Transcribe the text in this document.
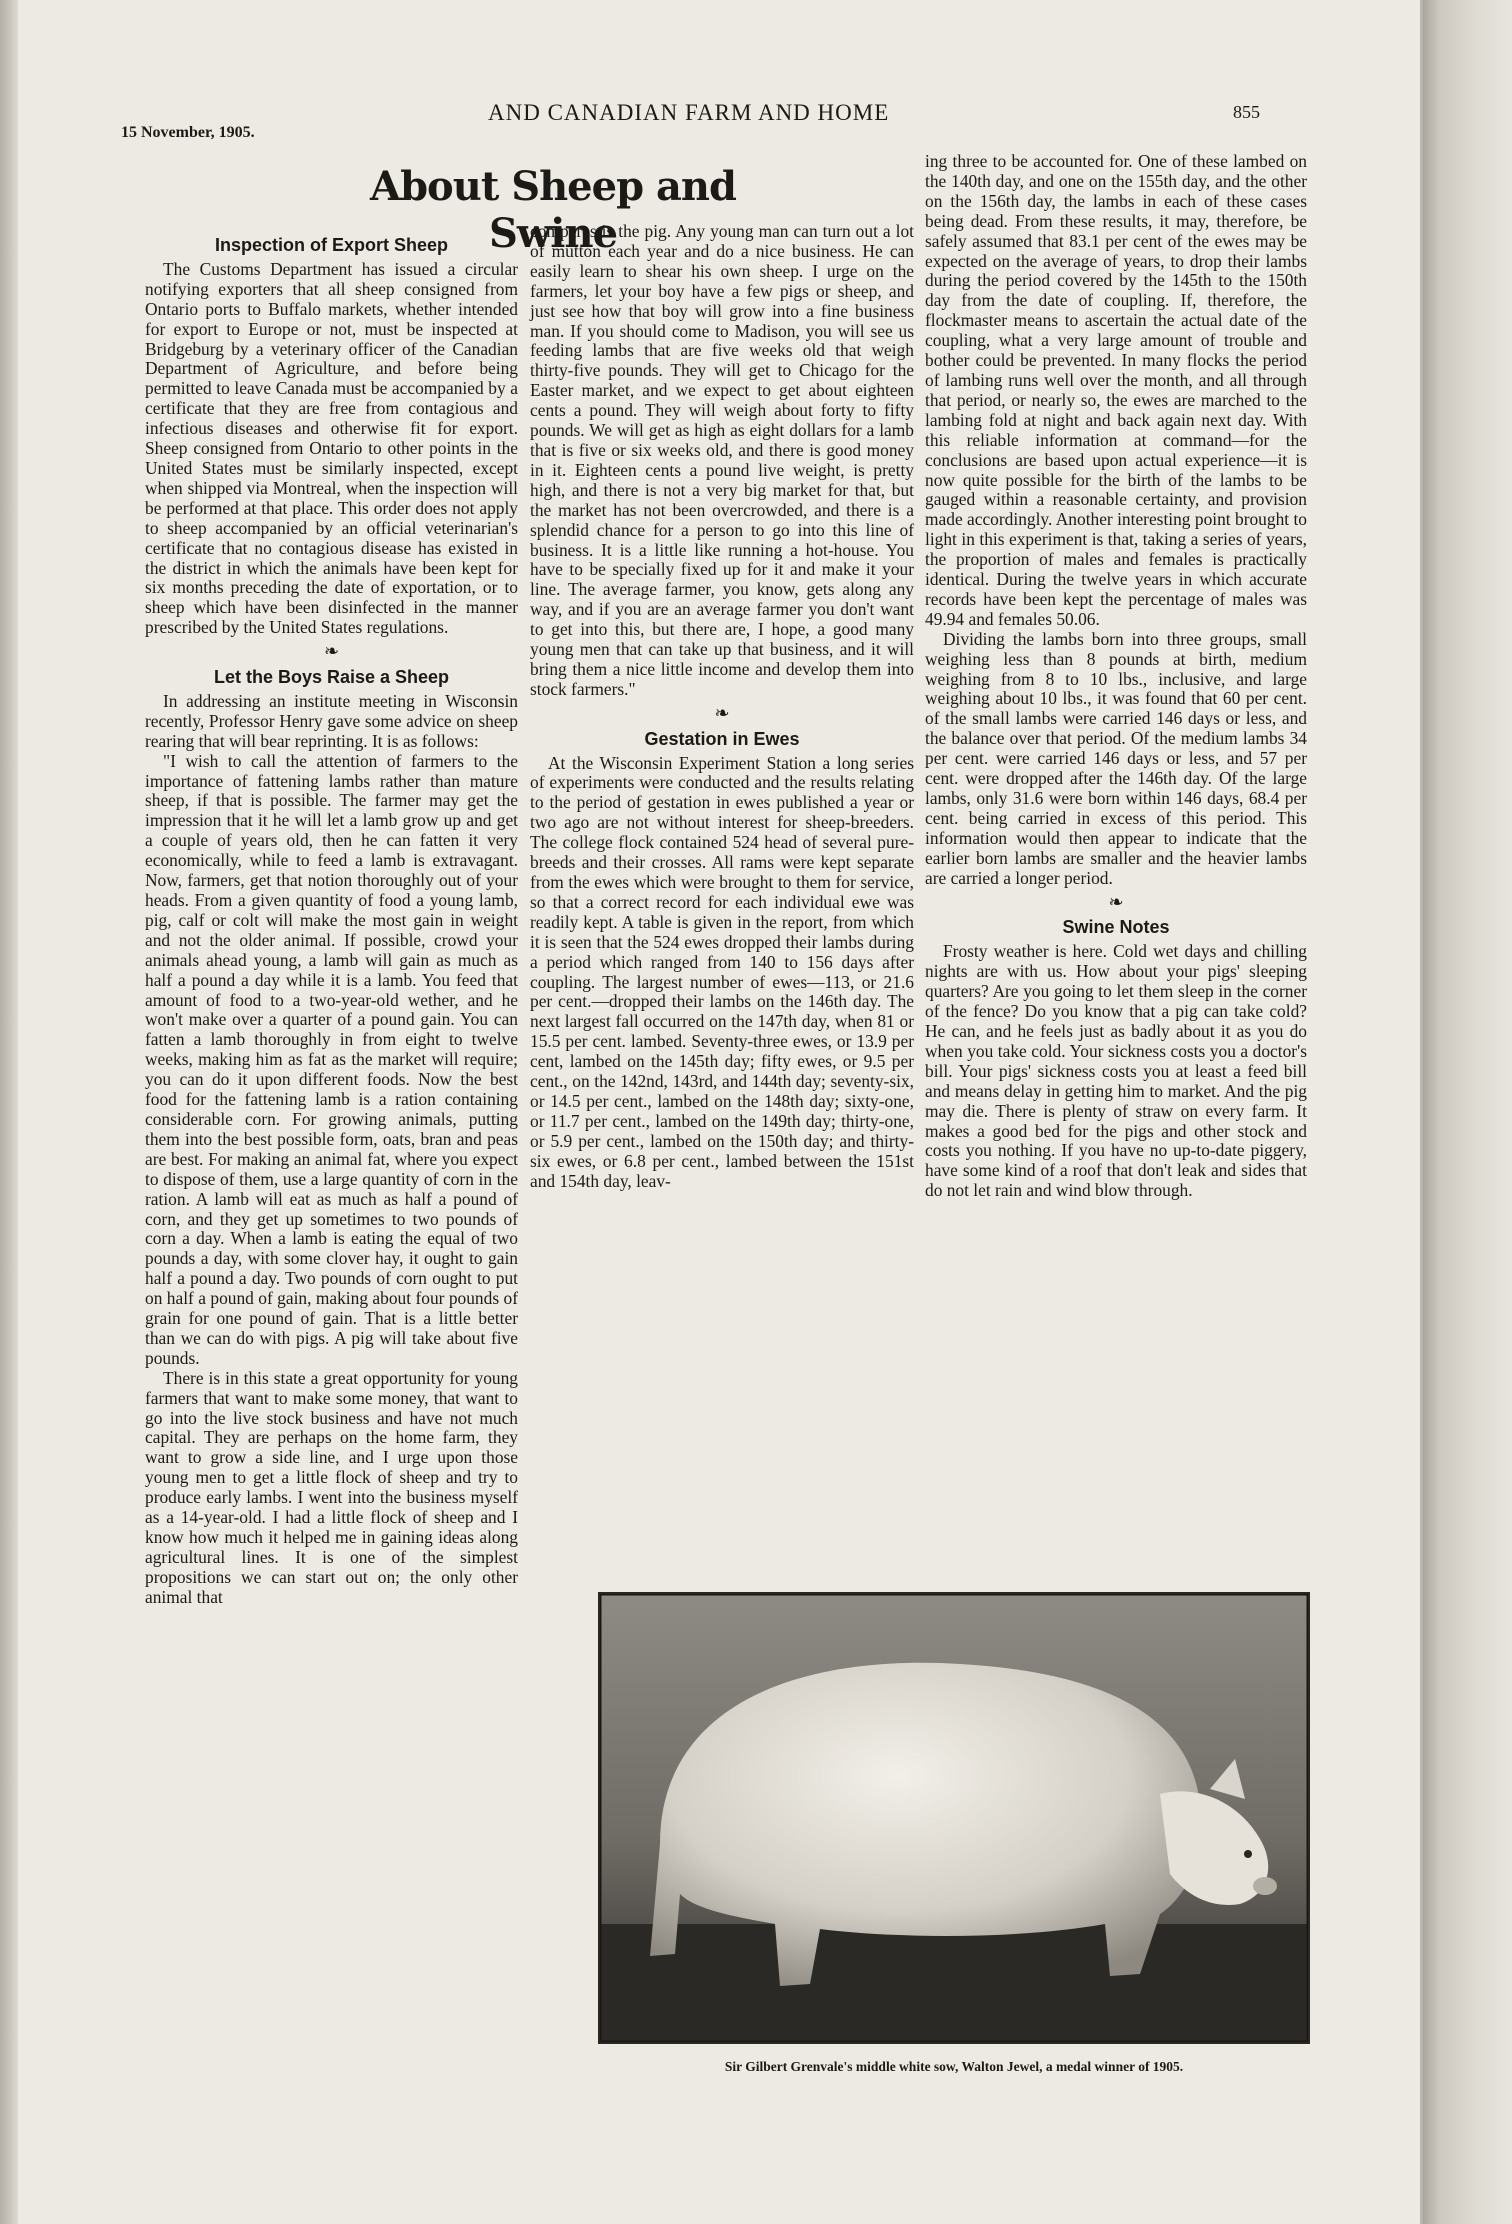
15 November, 1905.
AND CANADIAN FARM AND HOME	855
About Sheep and Swine
Inspection of Export Sheep

The Customs Department has issued a circular notifying exporters that all sheep consigned from Ontario ports to Buffalo markets, whether intended for export to Europe or not, must be inspected at Bridgeburg by a veterinary officer of the Canadian Department of Agriculture, and before being permitted to leave Canada must be accompanied by a certificate that they are free from contagious and infectious diseases and otherwise fit for export. Sheep consigned from Ontario to other points in the United States must be similarly inspected, except when shipped via Montreal, when the inspection will be performed at that place. This order does not apply to sheep accompanied by an official veterinarian's certificate that no contagious disease has existed in the district in which the animals have been kept for six months preceding the date of exportation, or to sheep which have been disinfected in the manner prescribed by the United States regulations.

❧
Let the Boys Raise a Sheep

In addressing an institute meeting in Wisconsin recently, Professor Henry gave some advice on sheep rearing that will bear reprinting. It is as follows:

"I wish to call the attention of farmers to the importance of fattening lambs rather than mature sheep, if that is possible. The farmer may get the impression that it he will let a lamb grow up and get a couple of years old, then he can fatten it very economically, while to feed a lamb is extravagant. Now, farmers, get that notion thoroughly out of your heads. From a given quantity of food a young lamb, pig, calf or colt will make the most gain in weight and not the older animal. If possible, crowd your animals ahead young, a lamb will gain as much as half a pound a day while it is a lamb. You feed that amount of food to a two-year-old wether, and he won't make over a quarter of a pound gain. You can fatten a lamb thoroughly in from eight to twelve weeks, making him as fat as the market will require; you can do it upon different foods. Now the best food for the fattening lamb is a ration containing considerable corn. For growing animals, putting them into the best possible form, oats, bran and peas are best. For making an animal fat, where you expect to dispose of them, use a large quantity of corn in the ration. A lamb will eat as much as half a pound of corn, and they get up sometimes to two pounds of corn a day. When a lamb is eating the equal of two pounds a day, with some clover hay, it ought to gain half a pound a day. Two pounds of corn ought to put on half a pound of gain, making about four pounds of grain for one pound of gain. That is a little better than we can do with pigs. A pig will take about five pounds.

There is in this state a great opportunity for young farmers that want to make some money, that want to go into the live stock business and have not much capital. They are perhaps on the home farm, they want to grow a side line, and I urge upon those young men to get a little flock of sheep and try to produce early lambs. I went into the business myself as a 14-year-old. I had a little flock of sheep and I know how much it helped me in gaining ideas along agricultural lines. It is one of the simplest propositions we can start out on; the only other animal that

compares is the pig. Any young man can turn out a lot of mutton each year and do a nice business. He can easily learn to shear his own sheep. I urge on the farmers, let your boy have a few pigs or sheep, and just see how that boy will grow into a fine business man. If you should come to Madison, you will see us feeding lambs that are five weeks old that weigh thirty-five pounds. They will get to Chicago for the Easter market, and we expect to get about eighteen cents a pound. They will weigh about forty to fifty pounds. We will get as high as eight dollars for a lamb that is five or six weeks old, and there is good money in it. Eighteen cents a pound live weight, is pretty high, and there is not a very big market for that, but the market has not been overcrowded, and there is a splendid chance for a person to go into this line of business. It is a little like running a hot-house. You have to be specially fixed up for it and make it your line. The average farmer, you know, gets along any way, and if you are an average farmer you don't want to get into this, but there are, I hope, a good many young men that can take up that business, and it will bring them a nice little income and develop them into stock farmers."

❧
Gestation in Ewes

At the Wisconsin Experiment Station a long series of experiments were conducted and the results relating to the period of gestation in ewes published a year or two ago are not without interest for sheep-breeders. The college flock contained 524 head of several pure-breeds and their crosses. All rams were kept separate from the ewes which were brought to them for service, so that a correct record for each individual ewe was readily kept. A table is given in the report, from which it is seen that the 524 ewes dropped their lambs during a period which ranged from 140 to 156 days after coupling. The largest number of ewes—113, or 21.6 per cent.—dropped their lambs on the 146th day. The next largest fall occurred on the 147th day, when 81 or 15.5 per cent. lambed. Seventy-three ewes, or 13.9 per cent, lambed on the 145th day; fifty ewes, or 9.5 per cent., on the 142nd, 143rd, and 144th day; seventy-six, or 14.5 per cent., lambed on the 148th day; sixty-one, or 11.7 per cent., lambed on the 149th day; thirty-one, or 5.9 per cent., lambed on the 150th day; and thirty-six ewes, or 6.8 per cent., lambed between the 151st and 154th day, leav-

ing three to be accounted for. One of these lambed on the 140th day, and one on the 155th day, and the other on the 156th day, the lambs in each of these cases being dead. From these results, it may, therefore, be safely assumed that 83.1 per cent of the ewes may be expected on the average of years, to drop their lambs during the period covered by the 145th to the 150th day from the date of coupling. If, therefore, the flockmaster means to ascertain the actual date of the coupling, what a very large amount of trouble and bother could be prevented. In many flocks the period of lambing runs well over the month, and all through that period, or nearly so, the ewes are marched to the lambing fold at night and back again next day. With this reliable information at command—for the conclusions are based upon actual experience—it is now quite possible for the birth of the lambs to be gauged within a reasonable certainty, and provision made accordingly. Another interesting point brought to light in this experiment is that, taking a series of years, the proportion of males and females is practically identical. During the twelve years in which accurate records have been kept the percentage of males was 49.94 and females 50.06.

Dividing the lambs born into three groups, small weighing less than 8 pounds at birth, medium weighing from 8 to 10 lbs., inclusive, and large weighing about 10 lbs., it was found that 60 per cent. of the small lambs were carried 146 days or less, and the balance over that period. Of the medium lambs 34 per cent. were carried 146 days or less, and 57 per cent. were dropped after the 146th day. Of the large lambs, only 31.6 were born within 146 days, 68.4 per cent. being carried in excess of this period. This information would then appear to indicate that the earlier born lambs are smaller and the heavier lambs are carried a longer period.

❧
Swine Notes

Frosty weather is here. Cold wet days and chilling nights are with us. How about your pigs' sleeping quarters? Are you going to let them sleep in the corner of the fence? Do you know that a pig can take cold? He can, and he feels just as badly about it as you do when you take cold. Your sickness costs you a doctor's bill. Your pigs' sickness costs you at least a feed bill and means delay in getting him to market. And the pig may die. There is plenty of straw on every farm. It makes a good bed for the pigs and other stock and costs you nothing. If you have no up-to-date piggery, have some kind of a roof that don't leak and sides that do not let rain and wind blow through.

Sir Gilbert Grenvale's middle white sow, Walton Jewel, a medal winner of 1905.
